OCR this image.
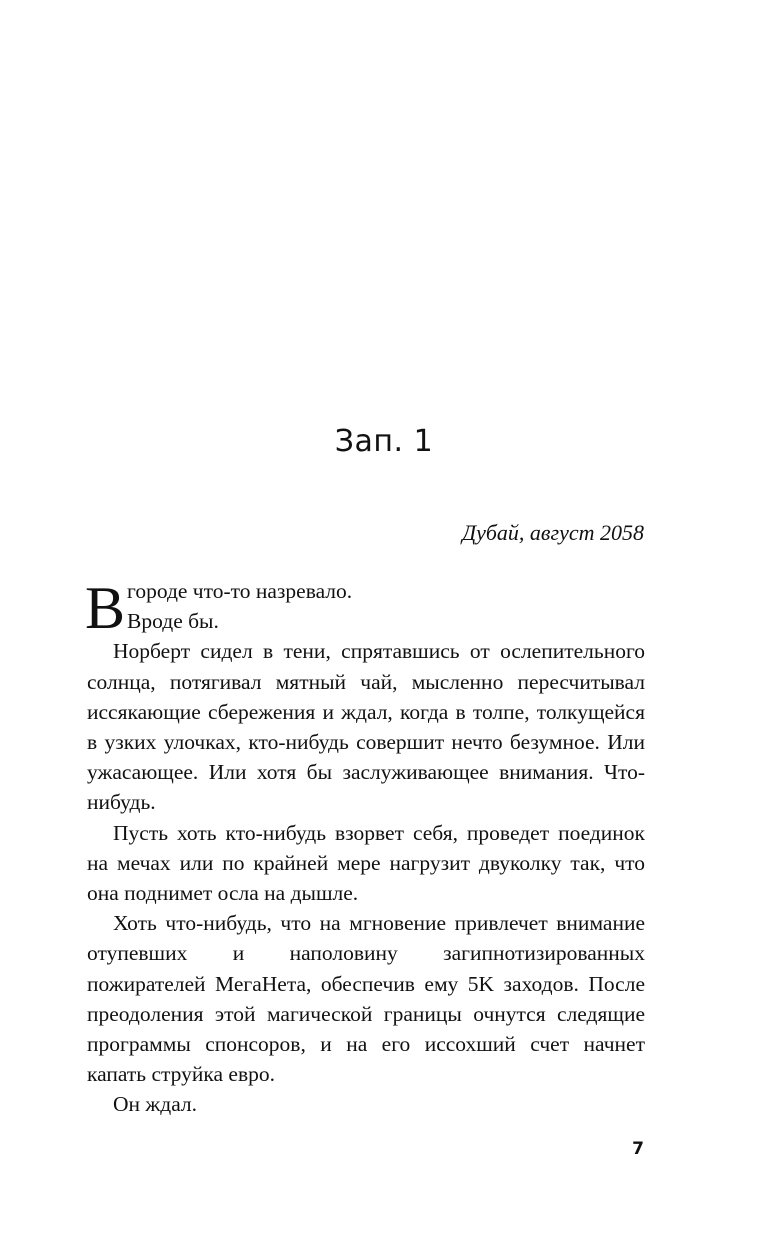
Зап. 1
Дубай, август 2058

В городе что-то назревало.
Вроде бы.

Норберт сидел в тени, спрятавшись от ослепительного солнца, потягивал мятный чай, мысленно пересчитывал иссякающие сбережения и ждал, когда в толпе, толкущейся в узких улочках, кто-нибудь совершит нечто безумное. Или ужасающее. Или хотя бы заслуживающее внимания. Что-нибудь.

Пусть хоть кто-нибудь взорвет себя, проведет поединок на мечах или по крайней мере нагрузит двуколку так, что она поднимет осла на дышле.

Хоть что-нибудь, что на мгновение привлечет внимание отупевших и наполовину загипнотизированных пожирателей МегаНета, обеспечив ему 5K заходов. После преодоления этой магической границы очнутся следящие программы спонсоров, и на его иссохший счет начнет капать струйка евро.

Он ждал.

7
